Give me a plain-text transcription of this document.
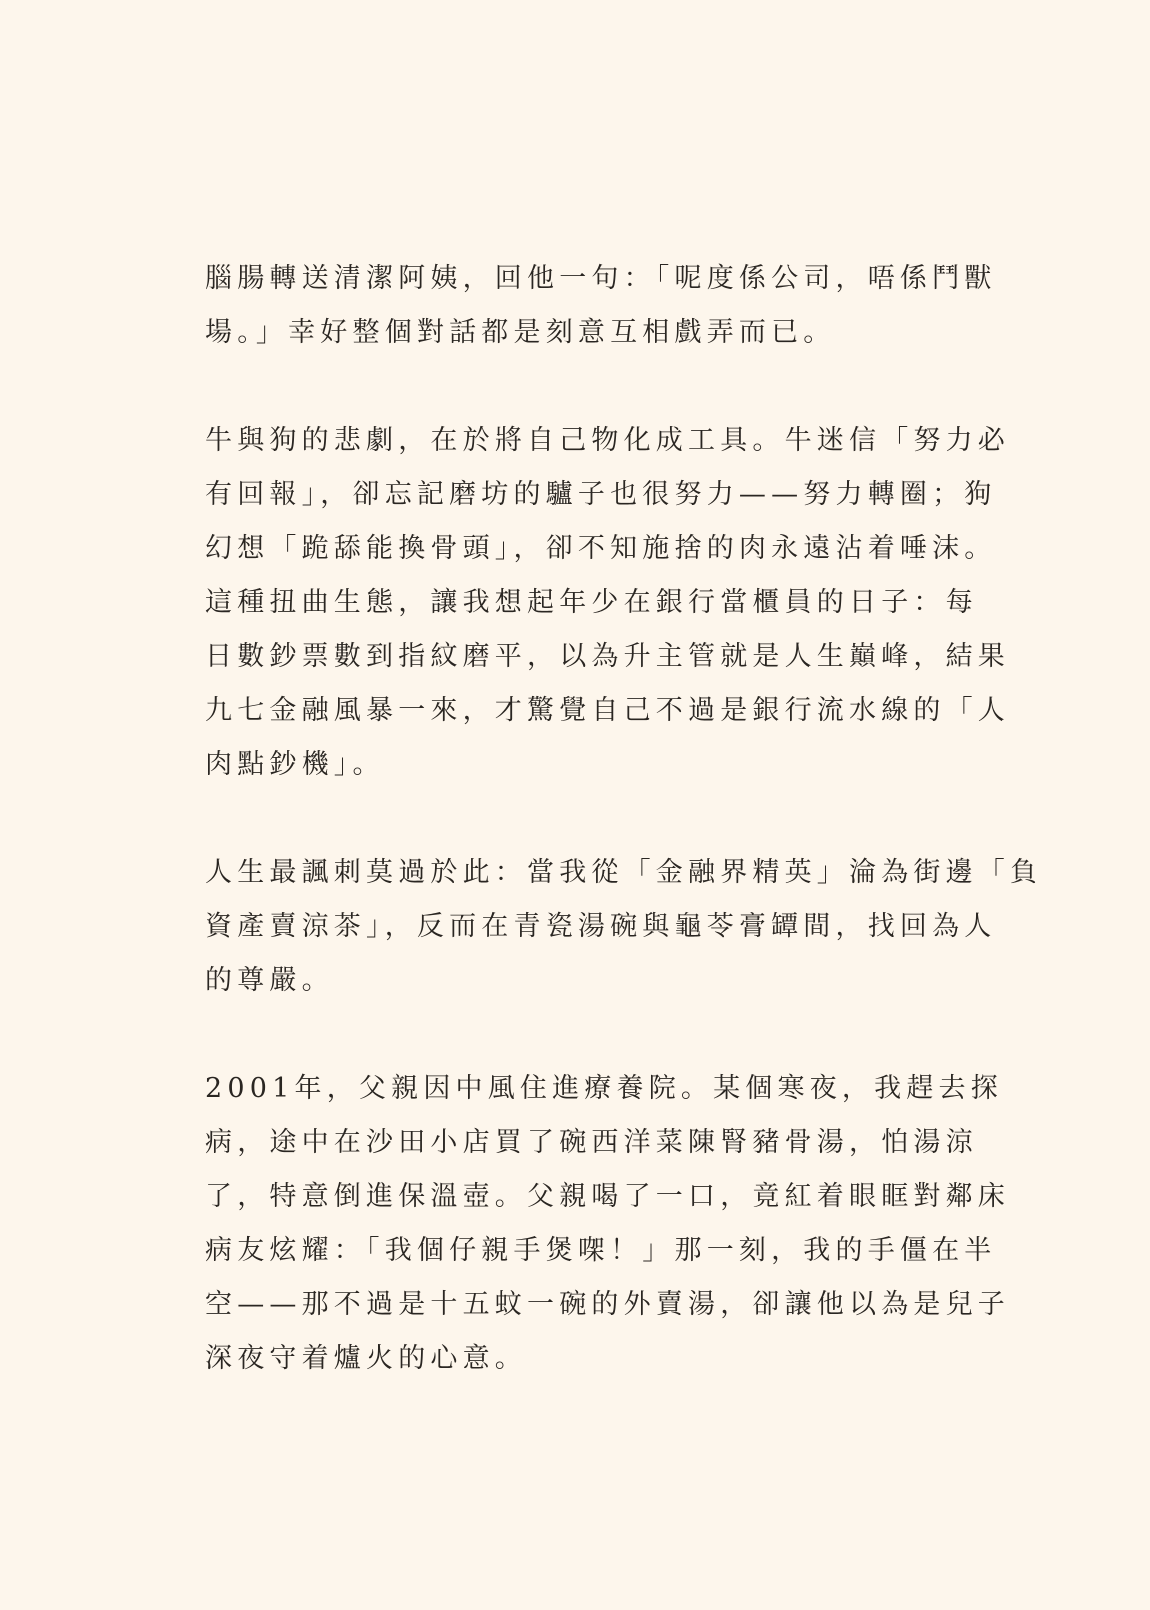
腦腸轉送清潔阿姨，回他一句：「呢度係公司，唔係鬥獸
場。」幸好整個對話都是刻意互相戲弄而已。
牛與狗的悲劇，在於將自己物化成工具。牛迷信「努力必
有回報」，卻忘記磨坊的驢子也很努力——努力轉圈；狗
幻想「跪舔能換骨頭」，卻不知施捨的肉永遠沾着唾沫。
這種扭曲生態，讓我想起年少在銀行當櫃員的日子：每
日數鈔票數到指紋磨平，以為升主管就是人生巔峰，結果
九七金融風暴一來，才驚覺自己不過是銀行流水線的「人
肉點鈔機」。
人生最諷刺莫過於此：當我從「金融界精英」淪為街邊「負
資產賣涼茶」，反而在青瓷湯碗與龜苓膏罈間，找回為人
的尊嚴。
2001年，父親因中風住進療養院。某個寒夜，我趕去探
病，途中在沙田小店買了碗西洋菜陳腎豬骨湯，怕湯涼
了，特意倒進保溫壺。父親喝了一口，竟紅着眼眶對鄰床
病友炫耀：「我個仔親手煲㗎！」那一刻，我的手僵在半
空——那不過是十五蚊一碗的外賣湯，卻讓他以為是兒子
深夜守着爐火的心意。
